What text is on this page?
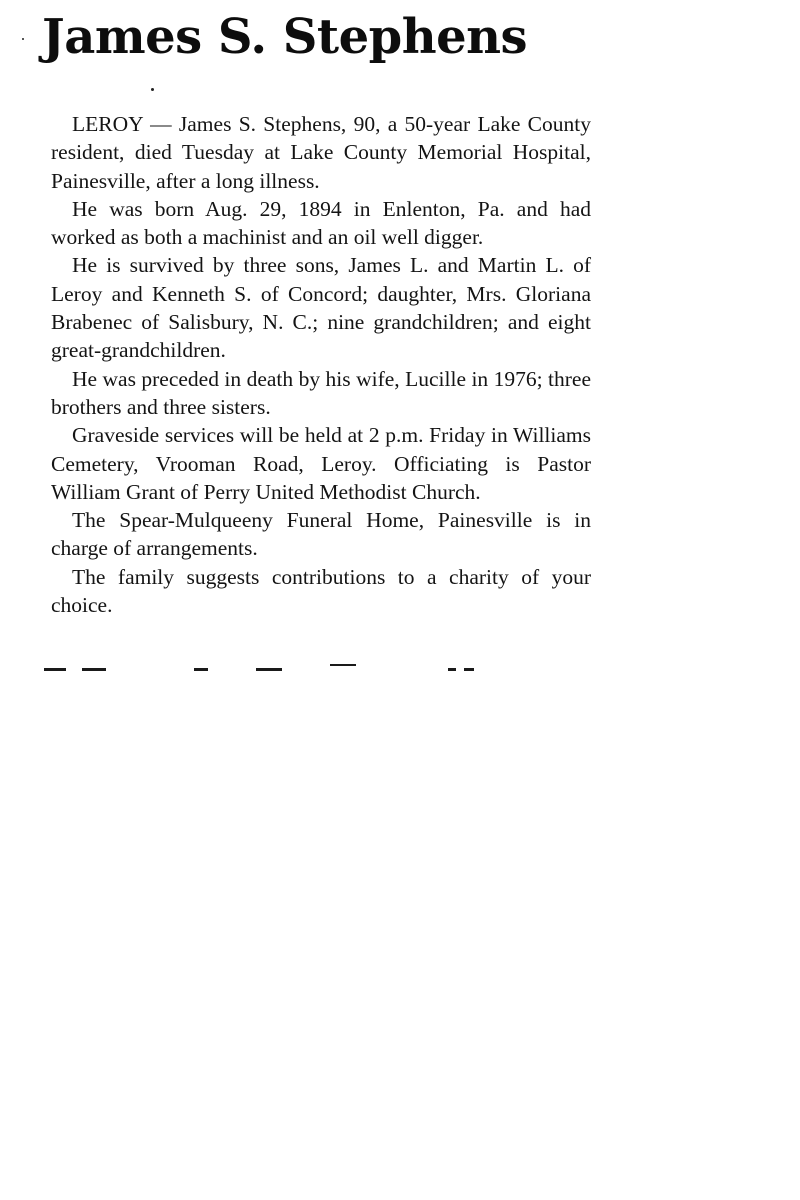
James S. Stephens

LEROY — James S. Stephens, 90, a 50-year Lake County resident, died Tuesday at Lake County Memorial Hospital, Painesville, after a long illness.

He was born Aug. 29, 1894 in Enlenton, Pa. and had worked as both a machinist and an oil well digger.

He is survived by three sons, James L. and Martin L. of Leroy and Kenneth S. of Concord; daughter, Mrs. Gloriana Brabenec of Salisbury, N. C.; nine grandchildren; and eight great-grandchildren.

He was preceded in death by his wife, Lucille in 1976; three brothers and three sisters.

Graveside services will be held at 2 p.m. Friday in Williams Cemetery, Vrooman Road, Leroy. Officiating is Pastor William Grant of Perry United Methodist Church.

The Spear-Mulqueeny Funeral Home, Painesville is in charge of arrangements.

The family suggests contributions to a charity of your choice.
